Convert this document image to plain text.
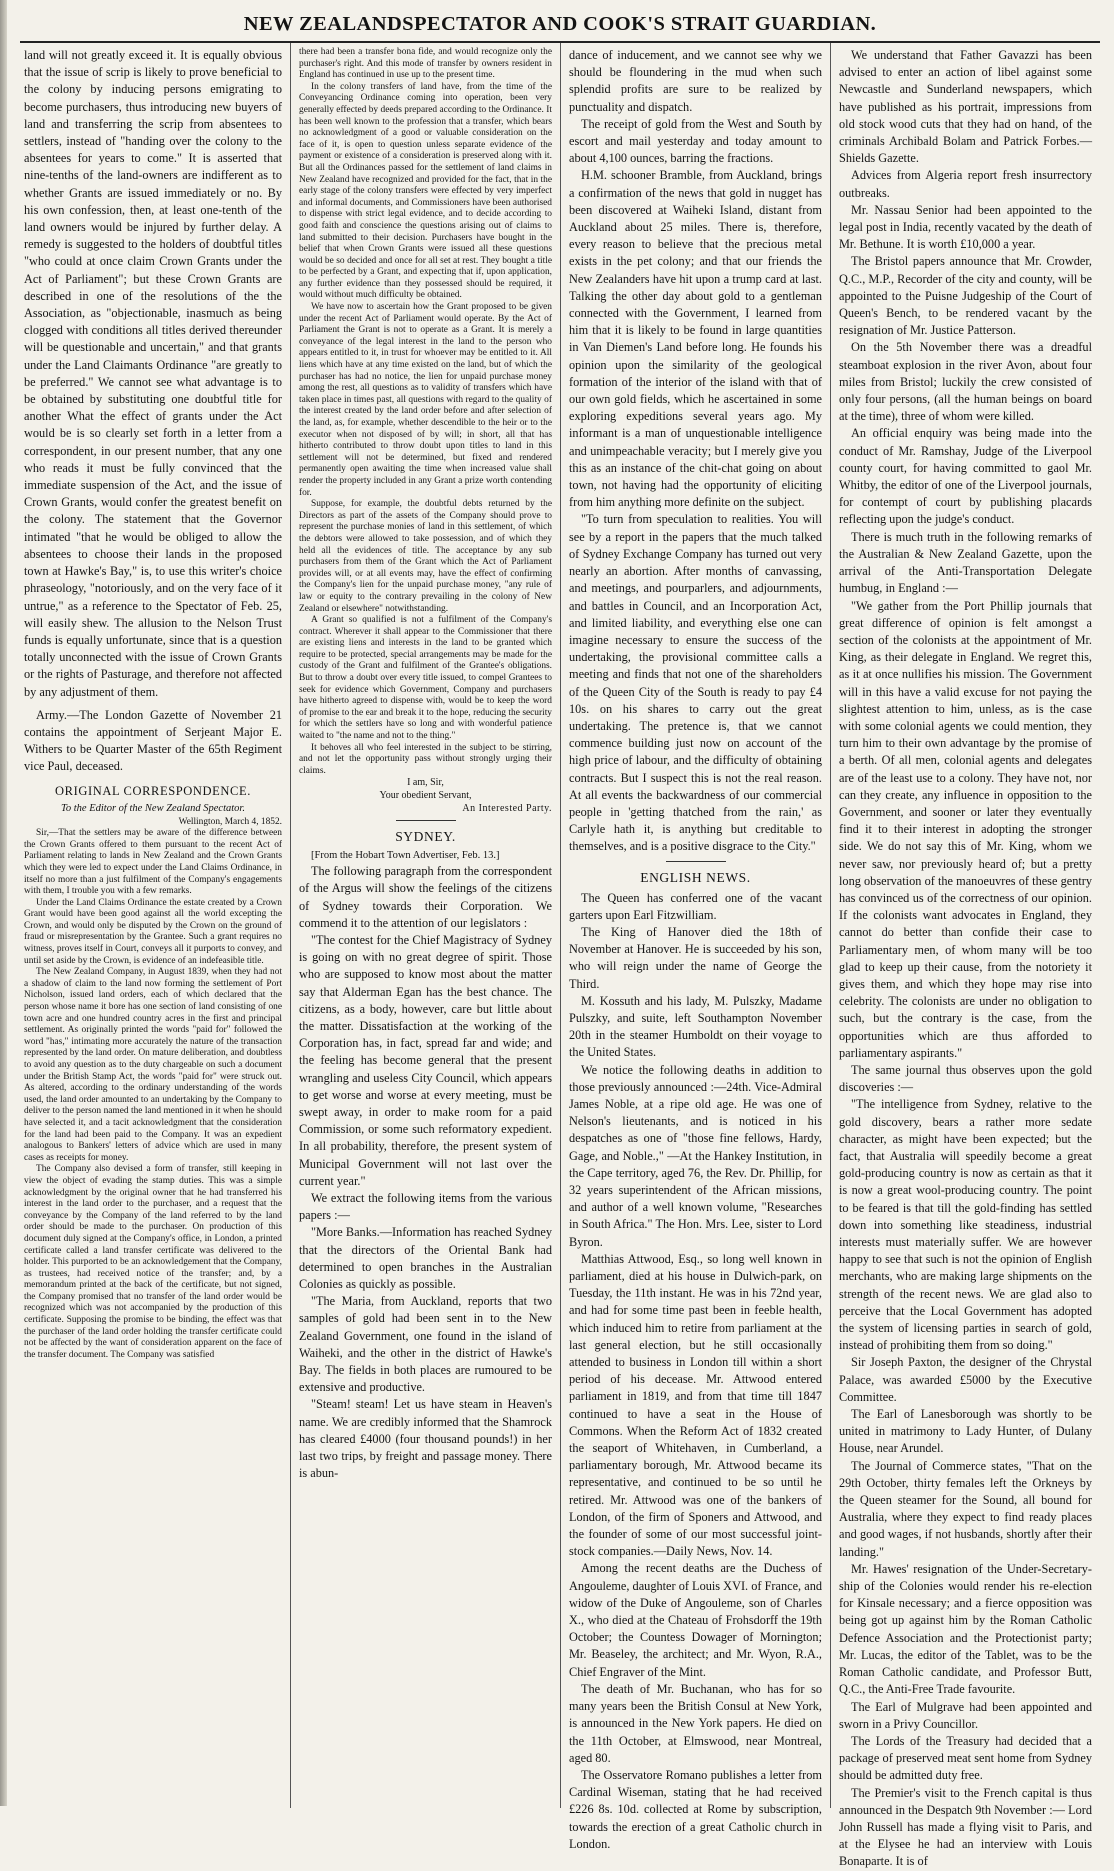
NEW ZEALANDSPECTATOR AND COOK'S STRAIT GUARDIAN.

land will not greatly exceed it. It is equally obvious that the issue of scrip is likely to prove beneficial to the colony by inducing persons emigrating to become purchasers, thus introducing new buyers of land and transferring the scrip from absentees to settlers, instead of "handing over the colony to the absentees for years to come." It is asserted that nine-tenths of the land-owners are indifferent as to whether Grants are issued immediately or no. By his own confession, then, at least one-tenth of the land owners would be injured by further delay. A remedy is suggested to the holders of doubtful titles "who could at once claim Crown Grants under the Act of Parliament"; but these Crown Grants are described in one of the resolutions of the the Association, as "objectionable, inasmuch as being clogged with conditions all titles derived thereunder will be questionable and uncertain," and that grants under the Land Claimants Ordinance "are greatly to be preferred." We cannot see what advantage is to be obtained by substituting one doubtful title for another What the effect of grants under the Act would be is so clearly set forth in a letter from a correspondent, in our present number, that any one who reads it must be fully convinced that the immediate suspension of the Act, and the issue of Crown Grants, would confer the greatest benefit on the colony. The statement that the Governor intimated "that he would be obliged to allow the absentees to choose their lands in the proposed town at Hawke's Bay," is, to use this writer's choice phraseology, "notoriously, and on the very face of it untrue," as a reference to the Spectator of Feb. 25, will easily shew. The allusion to the Nelson Trust funds is equally unfortunate, since that is a question totally unconnected with the issue of Crown Grants or the rights of Pasturage, and therefore not affected by any adjustment of them.

Army.—The London Gazette of November 21 contains the appointment of Serjeant Major E. Withers to be Quarter Master of the 65th Regiment vice Paul, deceased.

ORIGINAL CORRESPONDENCE.
To the Editor of the New Zealand Spectator.

Wellington, March 4, 1852.

Sir,—That the settlers may be aware of the difference between the Crown Grants offered to them pursuant to the recent Act of Parliament relating to lands in New Zealand and the Crown Grants which they were led to expect under the Land Claims Ordinance, in itself no more than a just fulfilment of the Company's engagements with them, I trouble you with a few remarks.

Under the Land Claims Ordinance the estate created by a Crown Grant would have been good against all the world excepting the Crown, and would only be disputed by the Crown on the ground of fraud or misrepresentation by the Grantee. Such a grant requires no witness, proves itself in Court, conveys all it purports to convey, and until set aside by the Crown, is evidence of an indefeasible title.

The New Zealand Company, in August 1839, when they had not a shadow of claim to the land now forming the settlement of Port Nicholson, issued land orders, each of which declared that the person whose name it bore has one section of land consisting of one town acre and one hundred country acres in the first and principal settlement. As originally printed the words "paid for" followed the word "has," intimating more accurately the nature of the transaction represented by the land order. On mature deliberation, and doubtless to avoid any question as to the duty chargeable on such a document under the British Stamp Act, the words "paid for" were struck out. As altered, according to the ordinary understanding of the words used, the land order amounted to an undertaking by the Company to deliver to the person named the land mentioned in it when he should have selected it, and a tacit acknowledgment that the consideration for the land had been paid to the Company. It was an expedient analogous to Bankers' letters of advice which are used in many cases as receipts for money.

The Company also devised a form of transfer, still keeping in view the object of evading the stamp duties. This was a simple acknowledgment by the original owner that he had transferred his interest in the land order to the purchaser, and a request that the conveyance by the Company of the land referred to by the land order should be made to the purchaser. On production of this document duly signed at the Company's office, in London, a printed certificate called a land transfer certificate was delivered to the holder. This purported to be an acknowledgement that the Company, as trustees, had received notice of the transfer; and, by a memorandum printed at the back of the certificate, but not signed, the Company promised that no transfer of the land order would be recognized which was not accompanied by the production of this certificate. Supposing the promise to be binding, the effect was that the purchaser of the land order holding the transfer certificate could not be affected by the want of consideration apparent on the face of the transfer document. The Company was satisfied

there had been a transfer bona fide, and would recognize only the purchaser's right. And this mode of transfer by owners resident in England has continued in use up to the present time.

In the colony transfers of land have, from the time of the Conveyancing Ordinance coming into operation, been very generally effected by deeds prepared according to the Ordinance. It has been well known to the profession that a transfer, which bears no acknowledgment of a good or valuable consideration on the face of it, is open to question unless separate evidence of the payment or existence of a consideration is preserved along with it. But all the Ordinances passed for the settlement of land claims in New Zealand have recognized and provided for the fact, that in the early stage of the colony transfers were effected by very imperfect and informal documents, and Commissioners have been authorised to dispense with strict legal evidence, and to decide according to good faith and conscience the questions arising out of claims to land submitted to their decision. Purchasers have bought in the belief that when Crown Grants were issued all these questions would be so decided and once for all set at rest. They bought a title to be perfected by a Grant, and expecting that if, upon application, any further evidence than they possessed should be required, it would without much difficulty be obtained.

We have now to ascertain how the Grant proposed to be given under the recent Act of Parliament would operate. By the Act of Parliament the Grant is not to operate as a Grant. It is merely a conveyance of the legal interest in the land to the person who appears entitled to it, in trust for whoever may be entitled to it. All liens which have at any time existed on the land, but of which the purchaser has had no notice, the lien for unpaid purchase money among the rest, all questions as to validity of transfers which have taken place in times past, all questions with regard to the quality of the interest created by the land order before and after selection of the land, as, for example, whether descendible to the heir or to the executor when not disposed of by will; in short, all that has hitherto contributed to throw doubt upon titles to land in this settlement will not be determined, but fixed and rendered permanently open awaiting the time when increased value shall render the property included in any Grant a prize worth contending for.

Suppose, for example, the doubtful debts returned by the Directors as part of the assets of the Company should prove to represent the purchase monies of land in this settlement, of which the debtors were allowed to take possession, and of which they held all the evidences of title. The acceptance by any sub purchasers from them of the Grant which the Act of Parliament provides will, or at all events may, have the effect of confirming the Company's lien for the unpaid purchase money, "any rule of law or equity to the contrary prevailing in the colony of New Zealand or elsewhere" notwithstanding.

A Grant so qualified is not a fulfilment of the Company's contract. Wherever it shall appear to the Commissioner that there are existing liens and interests in the land to be granted which require to be protected, special arrangements may be made for the custody of the Grant and fulfilment of the Grantee's obligations. But to throw a doubt over every title issued, to compel Grantees to seek for evidence which Government, Company and purchasers have hitherto agreed to dispense with, would be to keep the word of promise to the ear and break it to the hope, reducing the security for which the settlers have so long and with wonderful patience waited to "the name and not to the thing."

It behoves all who feel interested in the subject to be stirring, and not let the opportunity pass without strongly urging their claims.

I am, Sir,
Your obedient Servant,
An Interested Party.
SYDNEY.

[From the Hobart Town Advertiser, Feb. 13.]

The following paragraph from the correspondent of the Argus will show the feelings of the citizens of Sydney towards their Corporation. We commend it to the attention of our legislators :

"The contest for the Chief Magistracy of Sydney is going on with no great degree of spirit. Those who are supposed to know most about the matter say that Alderman Egan has the best chance. The citizens, as a body, however, care but little about the matter. Dissatisfaction at the working of the Corporation has, in fact, spread far and wide; and the feeling has become general that the present wrangling and useless City Council, which appears to get worse and worse at every meeting, must be swept away, in order to make room for a paid Commission, or some such reformatory expedient. In all probability, therefore, the present system of Municipal Government will not last over the current year."

We extract the following items from the various papers :—

"More Banks.—Information has reached Sydney that the directors of the Oriental Bank had determined to open branches in the Australian Colonies as quickly as possible.

"The Maria, from Auckland, reports that two samples of gold had been sent in to the New Zealand Government, one found in the island of Waiheki, and the other in the district of Hawke's Bay. The fields in both places are rumoured to be extensive and productive.

"Steam! steam! Let us have steam in Heaven's name. We are credibly informed that the Shamrock has cleared £4000 (four thousand pounds!) in her last two trips, by freight and passage money. There is abun-

dance of inducement, and we cannot see why we should be floundering in the mud when such splendid profits are sure to be realized by punctuality and dispatch.

The receipt of gold from the West and South by escort and mail yesterday and today amount to about 4,100 ounces, barring the fractions.

H.M. schooner Bramble, from Auckland, brings a confirmation of the news that gold in nugget has been discovered at Waiheki Island, distant from Auckland about 25 miles. There is, therefore, every reason to believe that the precious metal exists in the pet colony; and that our friends the New Zealanders have hit upon a trump card at last. Talking the other day about gold to a gentleman connected with the Government, I learned from him that it is likely to be found in large quantities in Van Diemen's Land before long. He founds his opinion upon the similarity of the geological formation of the interior of the island with that of our own gold fields, which he ascertained in some exploring expeditions several years ago. My informant is a man of unquestionable intelligence and unimpeachable veracity; but I merely give you this as an instance of the chit-chat going on about town, not having had the opportunity of eliciting from him anything more definite on the subject.

"To turn from speculation to realities. You will see by a report in the papers that the much talked of Sydney Exchange Company has turned out very nearly an abortion. After months of canvassing, and meetings, and pourparlers, and adjournments, and battles in Council, and an Incorporation Act, and limited liability, and everything else one can imagine necessary to ensure the success of the undertaking, the provisional committee calls a meeting and finds that not one of the shareholders of the Queen City of the South is ready to pay £4 10s. on his shares to carry out the great undertaking. The pretence is, that we cannot commence building just now on account of the high price of labour, and the difficulty of obtaining contracts. But I suspect this is not the real reason. At all events the backwardness of our commercial people in 'getting thatched from the rain,' as Carlyle hath it, is anything but creditable to themselves, and is a positive disgrace to the City."

ENGLISH NEWS.

The Queen has conferred one of the vacant garters upon Earl Fitzwilliam.

The King of Hanover died the 18th of November at Hanover. He is succeeded by his son, who will reign under the name of George the Third.

M. Kossuth and his lady, M. Pulszky, Madame Pulszky, and suite, left Southampton November 20th in the steamer Humboldt on their voyage to the United States.

We notice the following deaths in addition to those previously announced :—24th. Vice-Admiral James Noble, at a ripe old age. He was one of Nelson's lieutenants, and is noticed in his despatches as one of "those fine fellows, Hardy, Gage, and Noble.," —At the Hankey Institution, in the Cape territory, aged 76, the Rev. Dr. Phillip, for 32 years superintendent of the African missions, and author of a well known volume, "Researches in South Africa." The Hon. Mrs. Lee, sister to Lord Byron.

Matthias Attwood, Esq., so long well known in parliament, died at his house in Dulwich-park, on Tuesday, the 11th instant. He was in his 72nd year, and had for some time past been in feeble health, which induced him to retire from parliament at the last general election, but he still occasionally attended to business in London till within a short period of his decease. Mr. Attwood entered parliament in 1819, and from that time till 1847 continued to have a seat in the House of Commons. When the Reform Act of 1832 created the seaport of Whitehaven, in Cumberland, a parliamentary borough, Mr. Attwood became its representative, and continued to be so until he retired. Mr. Attwood was one of the bankers of London, of the firm of Sponers and Attwood, and the founder of some of our most successful joint-stock companies.—Daily News, Nov. 14.

Among the recent deaths are the Duchess of Angouleme, daughter of Louis XVI. of France, and widow of the Duke of Angouleme, son of Charles X., who died at the Chateau of Frohsdorff the 19th October; the Countess Dowager of Mornington; Mr. Beaseley, the architect; and Mr. Wyon, R.A., Chief Engraver of the Mint.

The death of Mr. Buchanan, who has for so many years been the British Consul at New York, is announced in the New York papers. He died on the 11th October, at Elmswood, near Montreal, aged 80.

The Osservatore Romano publishes a letter from Cardinal Wiseman, stating that he had received £226 8s. 10d. collected at Rome by subscription, towards the erection of a great Catholic church in London.

We understand that Father Gavazzi has been advised to enter an action of libel against some Newcastle and Sunderland newspapers, which have published as his portrait, impressions from old stock wood cuts that they had on hand, of the criminals Archibald Bolam and Patrick Forbes.—Shields Gazette.

Advices from Algeria report fresh insurrectory outbreaks.

Mr. Nassau Senior had been appointed to the legal post in India, recently vacated by the death of Mr. Bethune. It is worth £10,000 a year.

The Bristol papers announce that Mr. Crowder, Q.C., M.P., Recorder of the city and county, will be appointed to the Puisne Judgeship of the Court of Queen's Bench, to be rendered vacant by the resignation of Mr. Justice Patterson.

On the 5th November there was a dreadful steamboat explosion in the river Avon, about four miles from Bristol; luckily the crew consisted of only four persons, (all the human beings on board at the time), three of whom were killed.

An official enquiry was being made into the conduct of Mr. Ramshay, Judge of the Liverpool county court, for having committed to gaol Mr. Whitby, the editor of one of the Liverpool journals, for contempt of court by publishing placards reflecting upon the judge's conduct.

There is much truth in the following remarks of the Australian & New Zealand Gazette, upon the arrival of the Anti-Transportation Delegate humbug, in England :—

"We gather from the Port Phillip journals that great difference of opinion is felt amongst a section of the colonists at the appointment of Mr. King, as their delegate in England. We regret this, as it at once nullifies his mission. The Government will in this have a valid excuse for not paying the slightest attention to him, unless, as is the case with some colonial agents we could mention, they turn him to their own advantage by the promise of a berth. Of all men, colonial agents and delegates are of the least use to a colony. They have not, nor can they create, any influence in opposition to the Government, and sooner or later they eventually find it to their interest in adopting the stronger side. We do not say this of Mr. King, whom we never saw, nor previously heard of; but a pretty long observation of the manoeuvres of these gentry has convinced us of the correctness of our opinion. If the colonists want advocates in England, they cannot do better than confide their case to Parliamentary men, of whom many will be too glad to keep up their cause, from the notoriety it gives them, and which they hope may rise into celebrity. The colonists are under no obligation to such, but the contrary is the case, from the opportunities which are thus afforded to parliamentary aspirants."

The same journal thus observes upon the gold discoveries :—

"The intelligence from Sydney, relative to the gold discovery, bears a rather more sedate character, as might have been expected; but the fact, that Australia will speedily become a great gold-producing country is now as certain as that it is now a great wool-producing country. The point to be feared is that till the gold-finding has settled down into something like steadiness, industrial interests must materially suffer. We are however happy to see that such is not the opinion of English merchants, who are making large shipments on the strength of the recent news. We are glad also to perceive that the Local Government has adopted the system of licensing parties in search of gold, instead of prohibiting them from so doing."

Sir Joseph Paxton, the designer of the Chrystal Palace, was awarded £5000 by the Executive Committee.

The Earl of Lanesborough was shortly to be united in matrimony to Lady Hunter, of Dulany House, near Arundel.

The Journal of Commerce states, "That on the 29th October, thirty females left the Orkneys by the Queen steamer for the Sound, all bound for Australia, where they expect to find ready places and good wages, if not husbands, shortly after their landing."

Mr. Hawes' resignation of the Under-Secretary-ship of the Colonies would render his re-election for Kinsale necessary; and a fierce opposition was being got up against him by the Roman Catholic Defence Association and the Protectionist party; Mr. Lucas, the editor of the Tablet, was to be the Roman Catholic candidate, and Professor Butt, Q.C., the Anti-Free Trade favourite.

The Earl of Mulgrave had been appointed and sworn in a Privy Councillor.

The Lords of the Treasury had decided that a package of preserved meat sent home from Sydney should be admitted duty free.

The Premier's visit to the French capital is thus announced in the Despatch 9th November :— Lord John Russell has made a flying visit to Paris, and at the Elysee he had an interview with Louis Bonaparte. It is of
